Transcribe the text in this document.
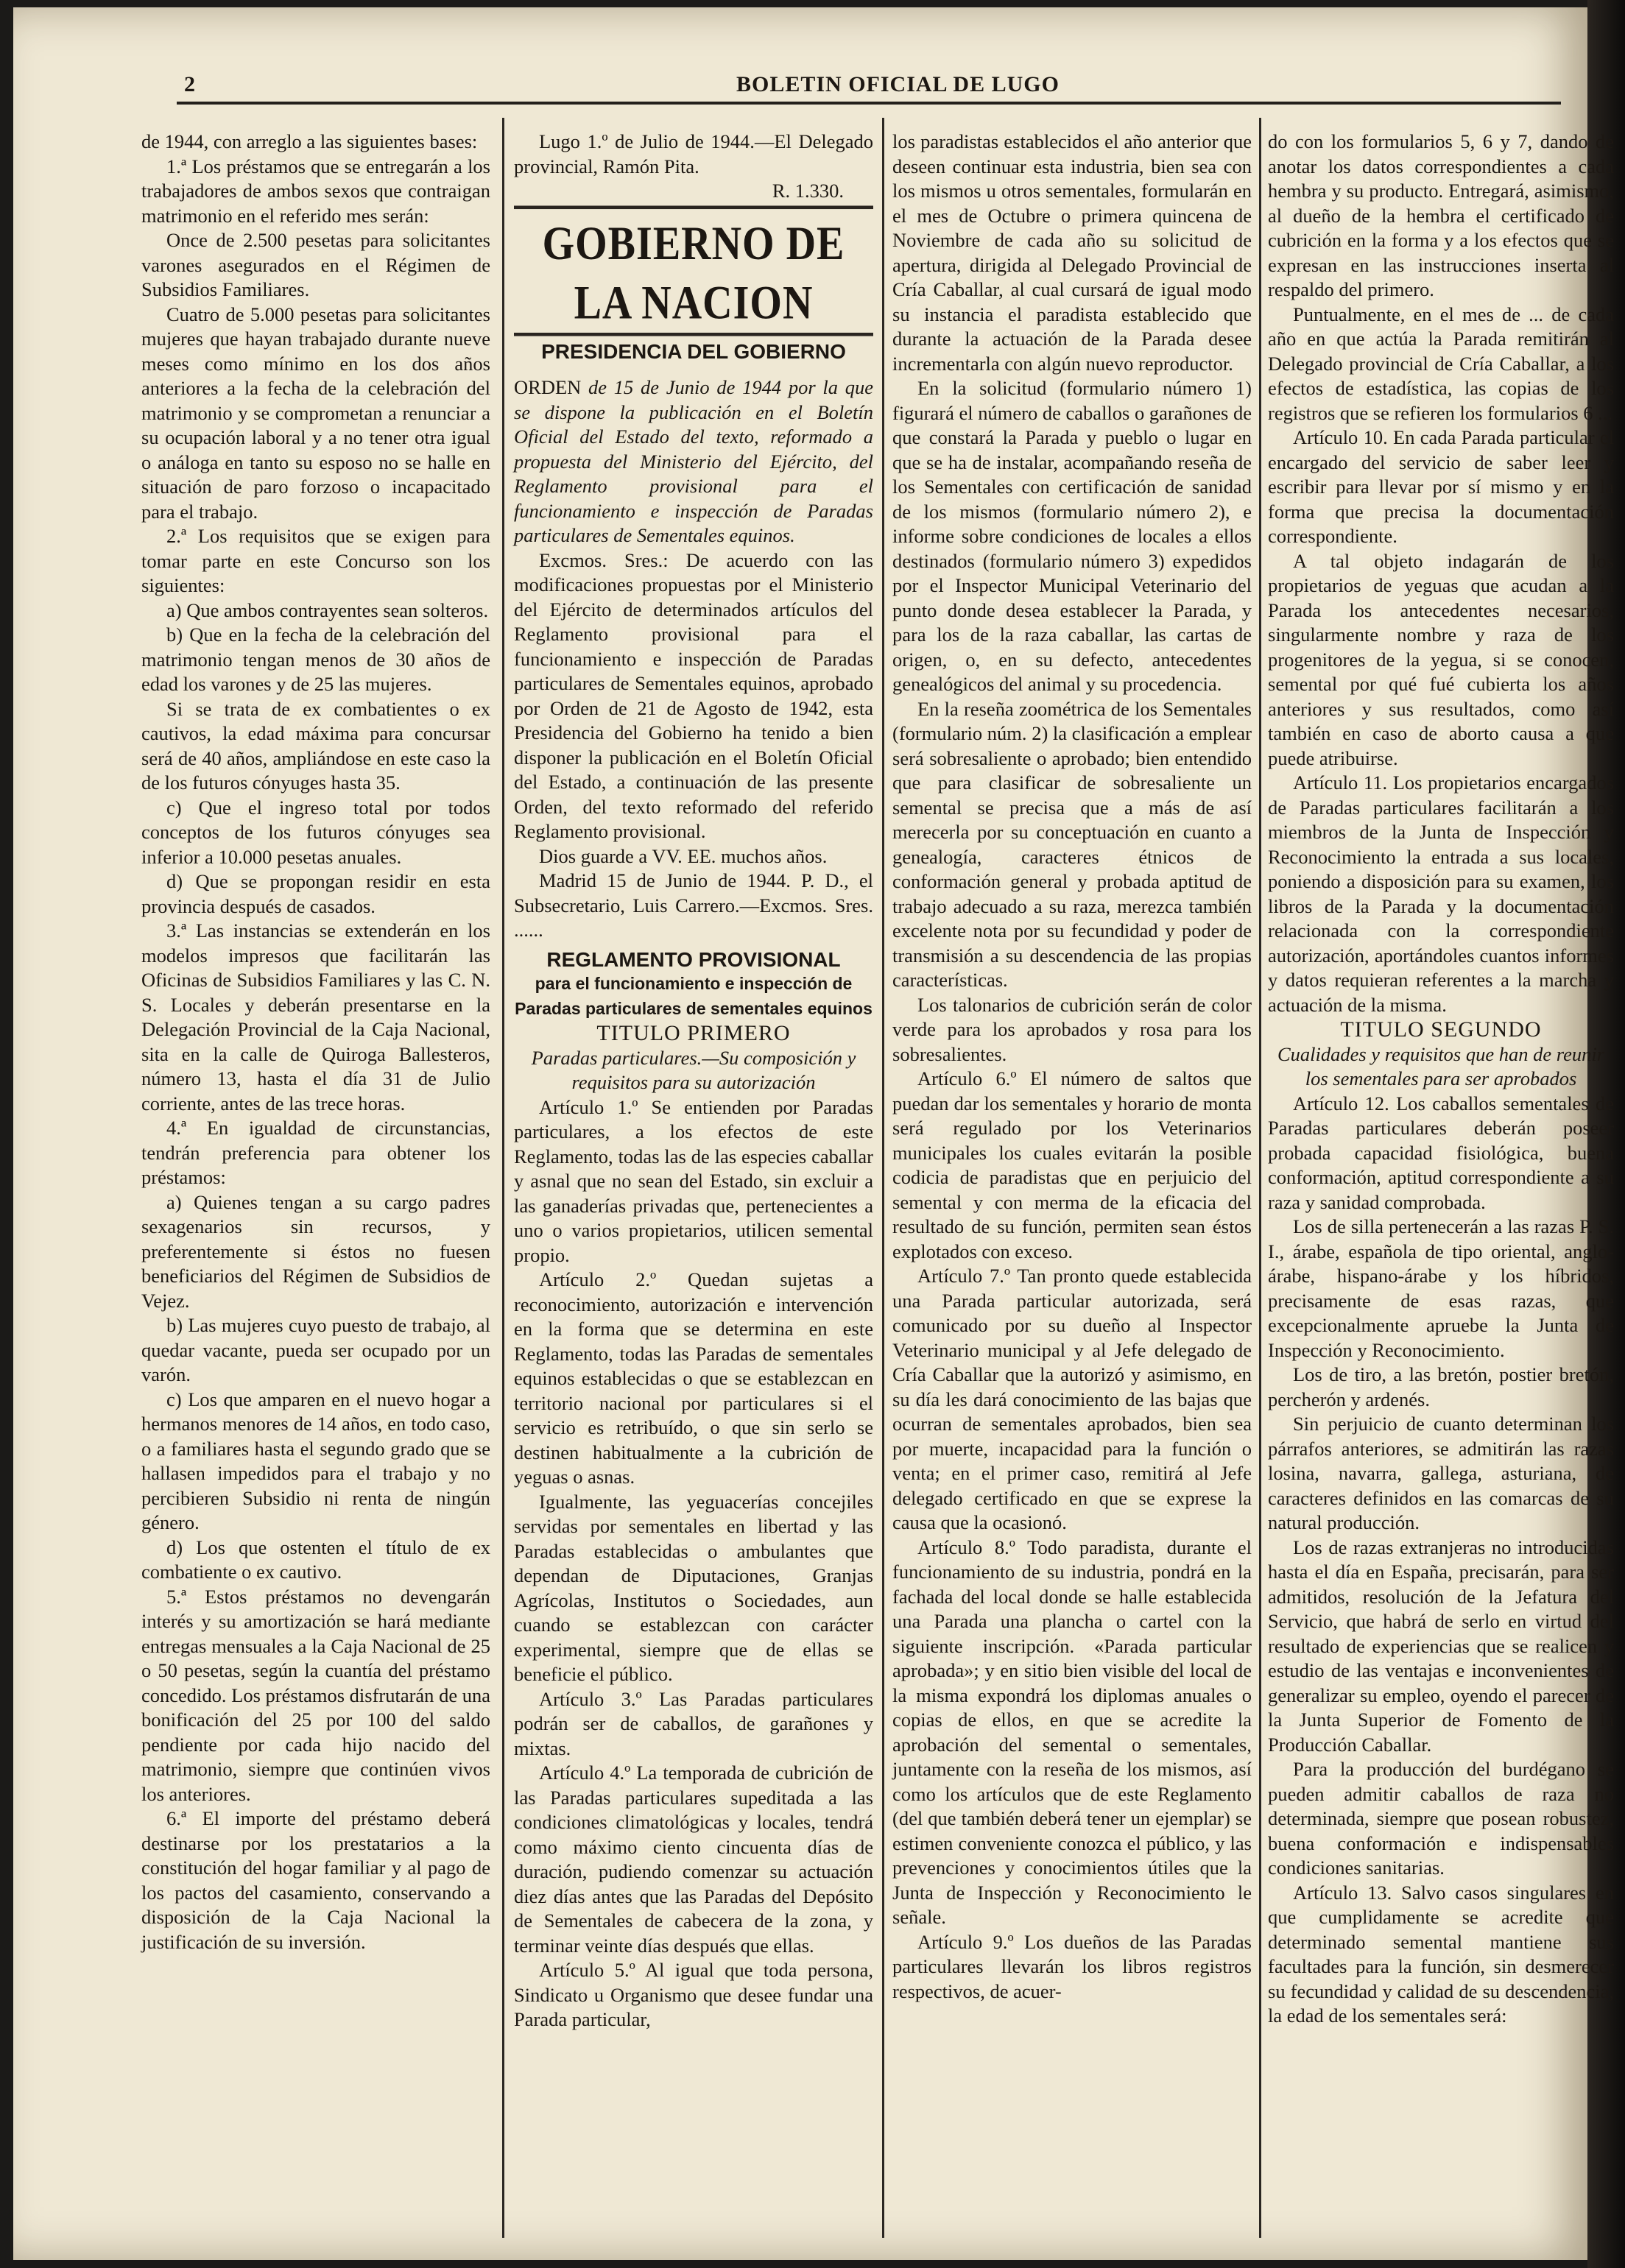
2	BOLETIN OFICIAL DE LUGO

de 1944, con arreglo a las siguientes bases:

1.ª Los préstamos que se entregarán a los trabajadores de ambos sexos que contraigan matrimonio en el referido mes serán:

Once de 2.500 pesetas para solicitantes varones asegurados en el Régimen de Subsidios Familiares.

Cuatro de 5.000 pesetas para solicitantes mujeres que hayan trabajado durante nueve meses como mínimo en los dos años anteriores a la fecha de la celebración del matrimonio y se comprometan a renunciar a su ocupación laboral y a no tener otra igual o análoga en tanto su esposo no se halle en situación de paro forzoso o incapacitado para el trabajo.

2.ª Los requisitos que se exigen para tomar parte en este Concurso son los siguientes:

a) Que ambos contrayentes sean solteros.

b) Que en la fecha de la celebración del matrimonio tengan menos de 30 años de edad los varones y de 25 las mujeres.

Si se trata de ex combatientes o ex cautivos, la edad máxima para concursar será de 40 años, ampliándose en este caso la de los futuros cónyuges hasta 35.

c) Que el ingreso total por todos conceptos de los futuros cónyuges sea inferior a 10.000 pesetas anuales.

d) Que se propongan residir en esta provincia después de casados.

3.ª Las instancias se extenderán en los modelos impresos que facilitarán las Oficinas de Subsidios Familiares y las C. N. S. Locales y deberán presentarse en la Delegación Provincial de la Caja Nacional, sita en la calle de Quiroga Ballesteros, número 13, hasta el día 31 de Julio corriente, antes de las trece horas.

4.ª En igualdad de circunstancias, tendrán preferencia para obtener los préstamos:

a) Quienes tengan a su cargo padres sexagenarios sin recursos, y preferentemente si éstos no fuesen beneficiarios del Régimen de Subsidios de Vejez.

b) Las mujeres cuyo puesto de trabajo, al quedar vacante, pueda ser ocupado por un varón.

c) Los que amparen en el nuevo hogar a hermanos menores de 14 años, en todo caso, o a familiares hasta el segundo grado que se hallasen impedidos para el trabajo y no percibieren Subsidio ni renta de ningún género.

d) Los que ostenten el título de ex combatiente o ex cautivo.

5.ª Estos préstamos no devengarán interés y su amortización se hará mediante entregas mensuales a la Caja Nacional de 25 o 50 pesetas, según la cuantía del préstamo concedido. Los préstamos disfrutarán de una bonificación del 25 por 100 del saldo pendiente por cada hijo nacido del matrimonio, siempre que continúen vivos los anteriores.

6.ª El importe del préstamo deberá destinarse por los prestatarios a la constitución del hogar familiar y al pago de los pactos del casamiento, conservando a disposición de la Caja Nacional la justificación de su inversión.

Lugo 1.º de Julio de 1944.—El Delegado provincial, Ramón Pita.

R. 1.330.

GOBIERNO DE LA NACION
PRESIDENCIA DEL GOBIERNO

ORDEN de 15 de Junio de 1944 por la que se dispone la publicación en el Boletín Oficial del Estado del texto, reformado a propuesta del Ministerio del Ejército, del Reglamento provisional para el funcionamiento e inspección de Paradas particulares de Sementales equinos.

Excmos. Sres.: De acuerdo con las modificaciones propuestas por el Ministerio del Ejército de determinados artículos del Reglamento provisional para el funcionamiento e inspección de Paradas particulares de Sementales equinos, aprobado por Orden de 21 de Agosto de 1942, esta Presidencia del Gobierno ha tenido a bien disponer la publicación en el Boletín Oficial del Estado, a continuación de las presente Orden, del texto reformado del referido Reglamento provisional.

Dios guarde a VV. EE. muchos años.

Madrid 15 de Junio de 1944. P. D., el Subsecretario, Luis Carrero.—Excmos. Sres. ......

REGLAMENTO PROVISIONAL
para el funcionamiento e inspección de Paradas particulares de sementales equinos
TITULO PRIMERO

Paradas particulares.—Su composición y requisitos para su autorización

Artículo 1.º Se entienden por Paradas particulares, a los efectos de este Reglamento, todas las de las especies caballar y asnal que no sean del Estado, sin excluir a las ganaderías privadas que, pertenecientes a uno o varios propietarios, utilicen semental propio.

Artículo 2.º Quedan sujetas a reconocimiento, autorización e intervención en la forma que se determina en este Reglamento, todas las Paradas de sementales equinos establecidas o que se establezcan en territorio nacional por particulares si el servicio es retribuído, o que sin serlo se destinen habitualmente a la cubrición de yeguas o asnas.

Igualmente, las yeguacerías concejiles servidas por sementales en libertad y las Paradas establecidas o ambulantes que dependan de Diputaciones, Granjas Agrícolas, Institutos o Sociedades, aun cuando se establezcan con carácter experimental, siempre que de ellas se beneficie el público.

Artículo 3.º Las Paradas particulares podrán ser de caballos, de garañones y mixtas.

Artículo 4.º La temporada de cubrición de las Paradas particulares supeditada a las condiciones climatológicas y locales, tendrá como máximo ciento cincuenta días de duración, pudiendo comenzar su actuación diez días antes que las Paradas del Depósito de Sementales de cabecera de la zona, y terminar veinte días después que ellas.

Artículo 5.º Al igual que toda persona, Sindicato u Organismo que desee fundar una Parada particular,

los paradistas establecidos el año anterior que deseen continuar esta industria, bien sea con los mismos u otros sementales, formularán en el mes de Octubre o primera quincena de Noviembre de cada año su solicitud de apertura, dirigida al Delegado Provincial de Cría Caballar, al cual cursará de igual modo su instancia el paradista establecido que durante la actuación de la Parada desee incrementarla con algún nuevo reproductor.

En la solicitud (formulario número 1) figurará el número de caballos o garañones de que constará la Parada y pueblo o lugar en que se ha de instalar, acompañando reseña de los Sementales con certificación de sanidad de los mismos (formulario número 2), e informe sobre condiciones de locales a ellos destinados (formulario número 3) expedidos por el Inspector Municipal Veterinario del punto donde desea establecer la Parada, y para los de la raza caballar, las cartas de origen, o, en su defecto, antecedentes genealógicos del animal y su procedencia.

En la reseña zoométrica de los Sementales (formulario núm. 2) la clasificación a emplear será sobresaliente o aprobado; bien entendido que para clasificar de sobresaliente un semental se precisa que a más de así merecerla por su conceptuación en cuanto a genealogía, caracteres étnicos de conformación general y probada aptitud de trabajo adecuado a su raza, merezca también excelente nota por su fecundidad y poder de transmisión a su descendencia de las propias características.

Los talonarios de cubrición serán de color verde para los aprobados y rosa para los sobresalientes.

Artículo 6.º El número de saltos que puedan dar los sementales y horario de monta será regulado por los Veterinarios municipales los cuales evitarán la posible codicia de paradistas que en perjuicio del semental y con merma de la eficacia del resultado de su función, permiten sean éstos explotados con exceso.

Artículo 7.º Tan pronto quede establecida una Parada particular autorizada, será comunicado por su dueño al Inspector Veterinario municipal y al Jefe delegado de Cría Caballar que la autorizó y asimismo, en su día les dará conocimiento de las bajas que ocurran de sementales aprobados, bien sea por muerte, incapacidad para la función o venta; en el primer caso, remitirá al Jefe delegado certificado en que se exprese la causa que la ocasionó.

Artículo 8.º Todo paradista, durante el funcionamiento de su industria, pondrá en la fachada del local donde se halle establecida una Parada una plancha o cartel con la siguiente inscripción. «Parada particular aprobada»; y en sitio bien visible del local de la misma expondrá los diplomas anuales o copias de ellos, en que se acredite la aprobación del semental o sementales, juntamente con la reseña de los mismos, así como los artículos que de este Reglamento (del que también deberá tener un ejemplar) se estimen conveniente conozca el público, y las prevenciones y conocimientos útiles que la Junta de Inspección y Reconocimiento le señale.

Artículo 9.º Los dueños de las Paradas particulares llevarán los libros registros respectivos, de acuer-

do con los formularios 5, 6 y 7, dando de anotar los datos correspondientes a cada hembra y su producto. Entregará, asimismo, al dueño de la hembra el certificado de cubrición en la forma y a los efectos que se expresan en las instrucciones inserta al respaldo del primero.

Puntualmente, en el mes de ... de cada año en que actúa la Parada remitirán al Delegado provincial de Cría Caballar, a los efectos de estadística, las copias de los registros que se refieren los formularios 6 ...

Artículo 10. En cada Parada particular el encargado del servicio de saber leer y escribir para llevar por sí mismo y en la forma que precisa la documentación correspondiente.

A tal objeto indagarán de los propietarios de yeguas que acudan a la Parada los antecedentes necesarios, singularmente nombre y raza de los progenitores de la yegua, si se conocen, semental por qué fué cubierta los años anteriores y sus resultados, como así también en caso de aborto causa a que puede atribuirse.

Artículo 11. Los propietarios encargados de Paradas particulares facilitarán a los miembros de la Junta de Inspección y Reconocimiento la entrada a sus locales, poniendo a disposición para su examen, los libros de la Parada y la documentación relacionada con la correspondiente autorización, aportándoles cuantos informes y datos requieran referentes a la marcha y actuación de la misma.

TITULO SEGUNDO

Cualidades y requisitos que han de reunir los sementales para ser aprobados

Artículo 12. Los caballos sementales de Paradas particulares deberán poseer probada capacidad fisiológica, buena conformación, aptitud correspondiente a su raza y sanidad comprobada.

Los de silla pertenecerán a las razas P. S. I., árabe, española de tipo oriental, anglo-árabe, hispano-árabe y los híbridos, precisamente de esas razas, que excepcionalmente apruebe la Junta de Inspección y Reconocimiento.

Los de tiro, a las bretón, postier bretón, percherón y ardenés.

Sin perjuicio de cuanto determinan los párrafos anteriores, se admitirán las razas losina, navarra, gallega, asturiana, de caracteres definidos en las comarcas de su natural producción.

Los de razas extranjeras no introducidas hasta el día en España, precisarán, para ser admitidos, resolución de la Jefatura del Servicio, que habrá de serlo en virtud del resultado de experiencias que se realicen y estudio de las ventajas e inconvenientes de generalizar su empleo, oyendo el parecer de la Junta Superior de Fomento de la Producción Caballar.

Para la producción del burdégano se pueden admitir caballos de raza no determinada, siempre que posean robustez, buena conformación e indispensables condiciones sanitarias.

Artículo 13. Salvo casos singulares en que cumplidamente se acredite que determinado semental mantiene sus facultades para la función, sin desmerecer su fecundidad y calidad de su descendencia, la edad de los sementales será:
